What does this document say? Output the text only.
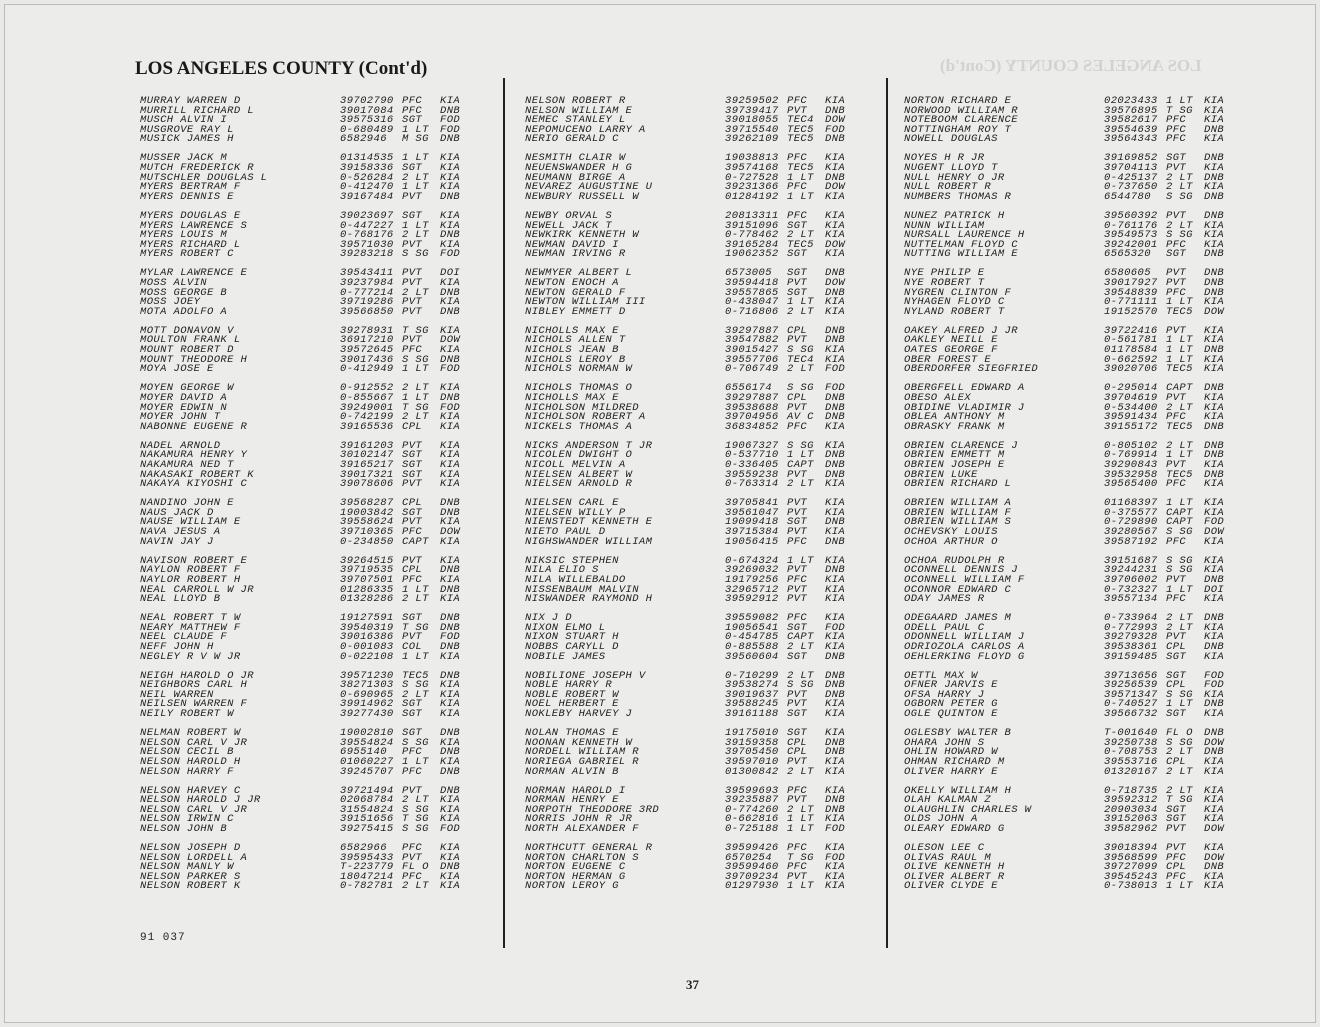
LOS ANGELES COUNTY (Cont'd)
LOS ANGELES COUNTY (Cont'd)
MURRAY WARREN D	39702790 PFC	KIA
MURRILL RICHARD L	39017084 PFC	DNB
MUSCH ALVIN I	39575316 SGT	FOD
MUSGROVE RAY L	0-680489 1 LT	FOD
MUSICK JAMES H	6582946	M SG	DNB
MUSSER JACK M	01314535 1 LT	KIA
MUTCH FREDERICK R	39158336 SGT	KIA
MUTSCHLER DOUGLAS L	0-526284 2 LT	KIA
MYERS BERTRAM F	0-412470 1 LT	KIA
MYERS DENNIS E	39167484 PVT	DNB
MYERS DOUGLAS E	39023697 SGT	KIA
MYERS LAWRENCE S	0-447227 1 LT	KIA
MYERS LOUIS M	0-768176 2 LT	DNB
MYERS RICHARD L	39571030 PVT	KIA
MYERS ROBERT C	39283218 S SG	FOD
MYLAR LAWRENCE E	39543411 PVT	DOI
MOSS ALVIN	39237984 PVT	KIA
MOSS GEORGE B	0-777214 2 LT	DNB
MOSS JOEY	39719286 PVT	KIA
MOTA ADOLFO A	39566850 PVT	DNB
MOTT DONAVON V	39278931 T SG	KIA
MOULTON FRANK L	36917210 PVT	DOW
MOUNT ROBERT D	39572645 PFC	KIA
MOUNT THEODORE H	39017436 S SG	DNB
MOYA JOSE E	0-412949 1 LT	FOD
MOYEN GEORGE W	0-912552 2 LT	KIA
MOYER DAVID A	0-855667 1 LT	DNB
MOYER EDWIN N	39249001 T SG	FOD
MOYER JOHN T	0-742199 2 LT	KIA
NABONNE EUGENE R	39165536 CPL	KIA
NADEL ARNOLD	39161203 PVT	KIA
NAKAMURA HENRY Y	30102147 SGT	KIA
NAKAMURA NED T	39165217 SGT	KIA
NAKASAKI ROBERT K	39017321 SGT	KIA
NAKAYA KIYOSHI C	39078606 PVT	KIA
NANDINO JOHN E	39568287 CPL	DNB
NAUS JACK D	19003842 SGT	DNB
NAUSE WILLIAM E	39558624 PVT	KIA
NAVA JESUS A	39710365 PFC	DOW
NAVIN JAY J	0-234850 CAPT	KIA
NAVISON ROBERT E	39264515 PVT	KIA
NAYLON ROBERT F	39719535 CPL	DNB
NAYLOR ROBERT H	39707501 PFC	KIA
NEAL CARROLL W JR	01286335 1 LT	DNB
NEAL LLOYD B	01328286 2 LT	KIA
NEAL ROBERT T W	19127591 SGT	DNB
NEARY MATTHEW F	39540319 T SG	DNB
NEEL CLAUDE F	39016386 PVT	FOD
NEFF JOHN H	0-001083 COL	DNB
NEGLEY R V W JR	0-022108 1 LT	KIA
NEIGH HAROLD O JR	39571230 TEC5	DNB
NEIGHBORS CARL H	38271303 S SG	KIA
NEIL WARREN	0-690965 2 LT	KIA
NEILSEN WARREN F	39914962 SGT	KIA
NEILY ROBERT W	39277430 SGT	KIA
NELMAN ROBERT W	19002810 SGT	DNB
NELSON CARL V JR	39554824 S SG	KIA
NELSON CECIL B	6955140	PFC	DNB
NELSON HAROLD H	01060227 1 LT	KIA
NELSON HARRY F	39245707 PFC	DNB
NELSON HARVEY C	39721494 PVT	DNB
NELSON HAROLD J JR	02068784 2 LT	KIA
NELSON CARL V JR	31554824 S SG	KIA
NELSON IRWIN C	39151656 T SG	KIA
NELSON JOHN B	39275415 S SG	FOD
NELSON JOSEPH D	6582966	PFC	KIA
NELSON LORDELL A	39595433 PVT	KIA
NELSON MANLY W	T-223779 FL O	DNB
NELSON PARKER S	18047214 PFC	KIA
NELSON ROBERT K	0-782781 2 LT	KIA
NELSON ROBERT R	39259502 PFC	KIA
NELSON WILLIAM E	39739417 PVT	DNB
NEMEC STANLEY L	39018055 TEC4	DOW
NEPOMUCENO LARRY A	39715540 TEC5	FOD
NERIO GERALD C	39262109 TEC5	DNB
NESMITH CLAIR W	19038813 PFC	KIA
NEUENSWANDER H G	39574168 TEC5	KIA
NEUMANN BIRGE A	0-727528 1 LT	DNB
NEVAREZ AUGUSTINE U	39231366 PFC	DOW
NEWBURY RUSSELL W	01284192 1 LT	KIA
NEWBY ORVAL S	20813311 PFC	KIA
NEWELL JACK T	39151096 SGT	KIA
NEWKIRK KENNETH W	0-778462 2 LT	KIA
NEWMAN DAVID I	39165284 TEC5	DOW
NEWMAN IRVING R	19062352 SGT	KIA
NEWMYER ALBERT L	6573005	SGT	DNB
NEWTON ENOCH A	39594418 PVT	DOW
NEWTON GERALD F	39557865 SGT	DNB
NEWTON WILLIAM III	0-438047 1 LT	KIA
NIBLEY EMMETT D	0-716806 2 LT	KIA
NICHOLLS MAX E	39297887 CPL	DNB
NICHOLS ALLEN T	39547882 PVT	DNB
NICHOLS JEAN B	39015427 S SG	KIA
NICHOLS LEROY B	39557706 TEC4	KIA
NICHOLS NORMAN W	0-706749 2 LT	FOD
NICHOLS THOMAS O	6556174	S SG	FOD
NICHOLLS MAX E	39297887 CPL	DNB
NICHOLSON MILDRED	39538688 PVT	DNB
NICHOLSON ROBERT A	39704956 AV C	DNB
NICKELS THOMAS A	36834852 PFC	KIA
NICKS ANDERSON T JR	19067327 S SG	KIA
NICOLEN DWIGHT O	0-537710 1 LT	DNB
NICOLL MELVIN A	0-336405 CAPT	DNB
NIELSEN ALBERT W	39559238 PVT	DNB
NIELSEN ARNOLD R	0-763314 2 LT	KIA
NIELSEN CARL E	39705841 PVT	KIA
NIELSEN WILLY P	39561047 PVT	KIA
NIENSTEDT KENNETH E	19099418 SGT	DNB
NIETO PAUL D	39715384 PVT	KIA
NIGHSWANDER WILLIAM	19056415 PFC	DNB
NIKSIC STEPHEN	0-674324 1 LT	KIA
NILA ELIO S	39269032 PVT	DNB
NILA WILLEBALDO	19179256 PFC	KIA
NISSENBAUM MALVIN	32965712 PVT	KIA
NISWANDER RAYMOND H	39592912 PVT	KIA
NIX J D	39559082 PFC	KIA
NIXON ELMO L	19056541 SGT	FOD
NIXON STUART H	0-454785 CAPT	KIA
NOBBS CARYLL D	0-885588 2 LT	KIA
NOBILE JAMES	39560604 SGT	DNB
NOBILIONE JOSEPH V	0-710299 2 LT	DNB
NOBLE HARRY R	39538274 S SG	DNB
NOBLE ROBERT W	39019637 PVT	DNB
NOEL HERBERT E	39588245 PVT	KIA
NOKLEBY HARVEY J	39161188 SGT	KIA
NOLAN THOMAS E	19175010 SGT	KIA
NOONAN KENNETH W	39159358 CPL	DNB
NORDELL WILLIAM R	39705450 CPL	DNB
NORIEGA GABRIEL R	39597010 PVT	KIA
NORMAN ALVIN B	01300842 2 LT	KIA
NORMAN HAROLD I	39599693 PFC	KIA
NORMAN HENRY E	39235887 PVT	DNB
NORPOTH THEODORE 3RD	0-774260 2 LT	DNB
NORRIS JOHN R JR	0-662816 1 LT	KIA
NORTH ALEXANDER F	0-725188 1 LT	FOD
NORTHCUTT GENERAL R	39599426 PFC	KIA
NORTON CHARLTON S	6570254	T SG	FOD
NORTON EUGENE C	39599460 PFC	KIA
NORTON HERMAN G	39709234 PVT	KIA
NORTON LEROY G	01297930 1 LT	KIA
NORTON RICHARD E	02023433 1 LT	KIA
NORWOOD WILLIAM R	39576895 T SG	KIA
NOTEBOOM CLARENCE	39582617 PFC	KIA
NOTTINGHAM ROY T	39554639 PFC	DNB
NOWELL DOUGLAS	39564343 PFC	KIA
NOYES H R JR	39169852 SGT	DNB
NUGENT LLOYD T	39704113 PVT	KIA
NULL HENRY O JR	0-425137 2 LT	DNB
NULL ROBERT R	0-737650 2 LT	KIA
NUMBERS THOMAS R	6544780	S SG	DNB
NUNEZ PATRICK H	39560392 PVT	DNB
NUNN WILLIAM	0-761176 2 LT	KIA
NURSALL LAURENCE H	39549573 S SG	KIA
NUTTELMAN FLOYD C	39242001 PFC	KIA
NUTTING WILLIAM E	6565320	SGT	DNB
NYE PHILIP E	6580605	PVT	DNB
NYE ROBERT T	39017927 PVT	DNB
NYGREN CLINTON F	39548839 PFC	DNB
NYHAGEN FLOYD C	0-771111 1 LT	KIA
NYLAND ROBERT T	19152570 TEC5	DOW
OAKEY ALFRED J JR	39722416 PVT	KIA
OAKLEY NEILL E	0-561781 1 LT	KIA
OATES GEORGE F	01178584 1 LT	DNB
OBER FOREST E	0-662592 1 LT	KIA
OBERDORFER SIEGFRIED	39020706 TEC5	KIA
OBERGFELL EDWARD A	0-295014 CAPT	DNB
OBESO ALEX	39704619 PVT	KIA
OBIDINE VLADIMIR J	0-534400 2 LT	KIA
OBLEA ANTHONY M	39591434 PFC	KIA
OBRASKY FRANK M	39155172 TEC5	DNB
OBRIEN CLARENCE J	0-805102 2 LT	DNB
OBRIEN EMMETT M	0-769914 1 LT	DNB
OBRIEN JOSEPH E	39290843 PVT	KIA
OBRIEN LUKE	39532958 TEC5	DNB
OBRIEN RICHARD L	39565400 PFC	KIA
OBRIEN WILLIAM A	01168397 1 LT	KIA
OBRIEN WILLIAM F	0-375577 CAPT	KIA
OBRIEN WILLIAM S	0-729890 CAPT	FOD
OCHEVSKY LOUIS	39280567 S SG	DOW
OCHOA ARTHUR O	39587192 PFC	KIA
OCHOA RUDOLPH R	39151687 S SG	KIA
OCONNELL DENNIS J	39244231 S SG	KIA
OCONNELL WILLIAM F	39706002 PVT	DNB
OCONNOR EDWARD C	0-732327 1 LT	DOI
ODAY JAMES R	39557134 PFC	KIA
ODEGAARD JAMES M	0-733964 2 LT	DNB
ODELL PAUL C	0-772993 2 LT	KIA
ODONNELL WILLIAM J	39279328 PVT	KIA
ODRIOZOLA CARLOS A	39538361 CPL	DNB
OEHLERKING FLOYD G	39159485 SGT	KIA
OETTL MAX W	39713656 SGT	FOD
OFNER JARVIS E	39256539 CPL	FOD
OFSA HARRY J	39571347 S SG	KIA
OGBORN PETER G	0-740527 1 LT	DNB
OGLE QUINTON E	39566732 SGT	KIA
OGLESBY WALTER B	T-001640 FL O	DNB
OHARA JOHN S	39250738 S SG	DOW
OHLIN HOWARD W	0-708753 2 LT	DNB
OHMAN RICHARD M	39553716 CPL	KIA
OLIVER HARRY E	01320167 2 LT	KIA
OKELLY WILLIAM H	0-718735 2 LT	KIA
OLAH KALMAN Z	39592312 T SG	KIA
OLAUGHLIN CHARLES W	20903034 SGT	KIA
OLDS JOHN A	39152063 SGT	KIA
OLEARY EDWARD G	39582962 PVT	DOW
OLESON LEE C	39018394 PVT	KIA
OLIVAS RAUL M	39568599 PFC	DOW
OLIVE KENNETH H	39727099 CPL	DNB
OLIVER ALBERT R	39545243 PFC	KIA
OLIVER CLYDE E	0-738013 1 LT	KIA
91 037
37
